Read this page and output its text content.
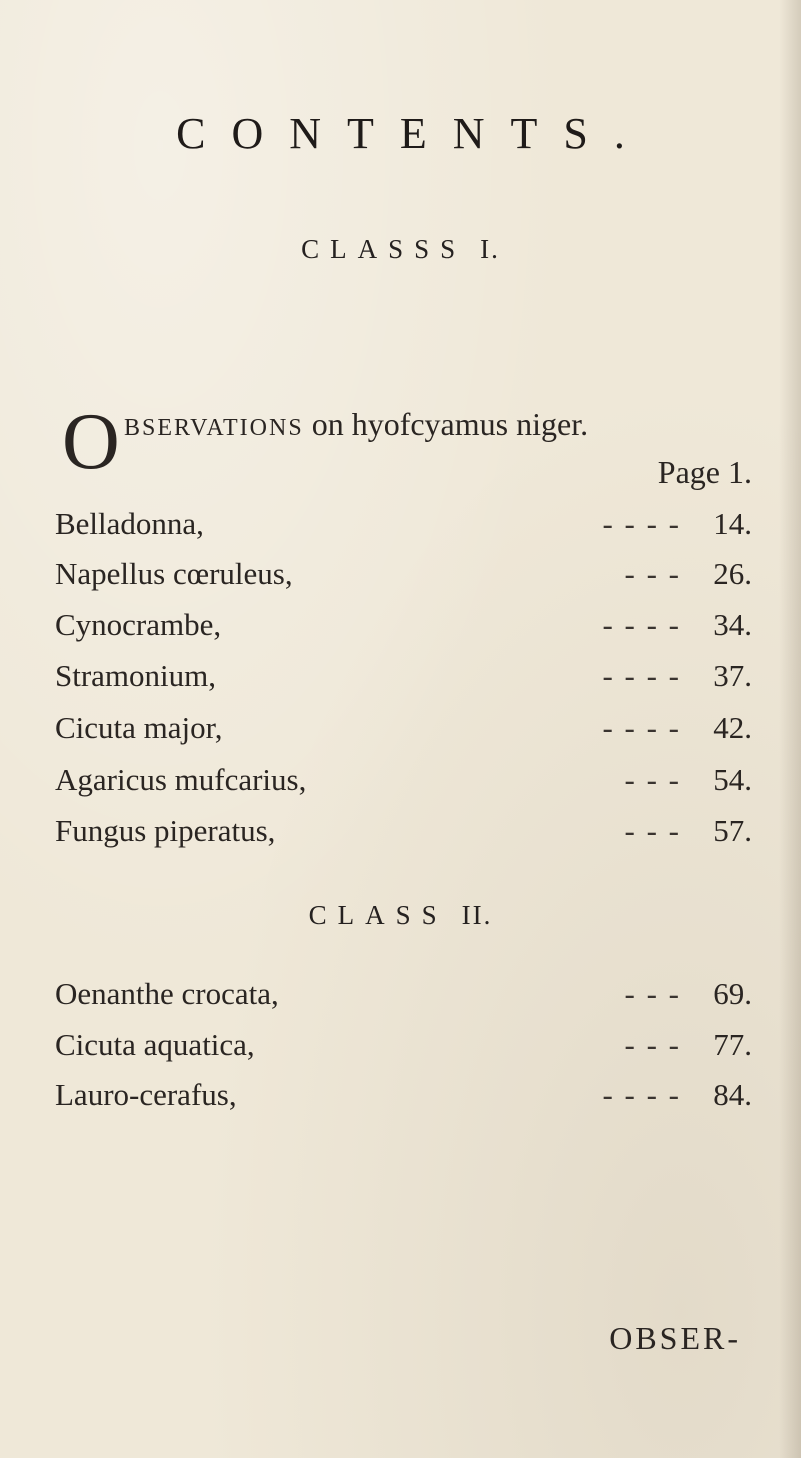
CONTENTS.
CLASSS I.
O BSERVATIONS on hyofcyamus niger.
Page 1.
Belladonna,	- - - -	14.
Napellus cœruleus,	- - -	26.
Cynocrambe,	- - - -	34.
Stramonium,	- - - -	37.
Cicuta major,	- - - -	42.
Agaricus mufcarius,	- - -	54.
Fungus piperatus,	- - -	57.
CLASS II.
Oenanthe crocata,	- - -	69.
Cicuta aquatica,	- - -	77.
Lauro-cerafus,	- - - -	84.
OBSER-
